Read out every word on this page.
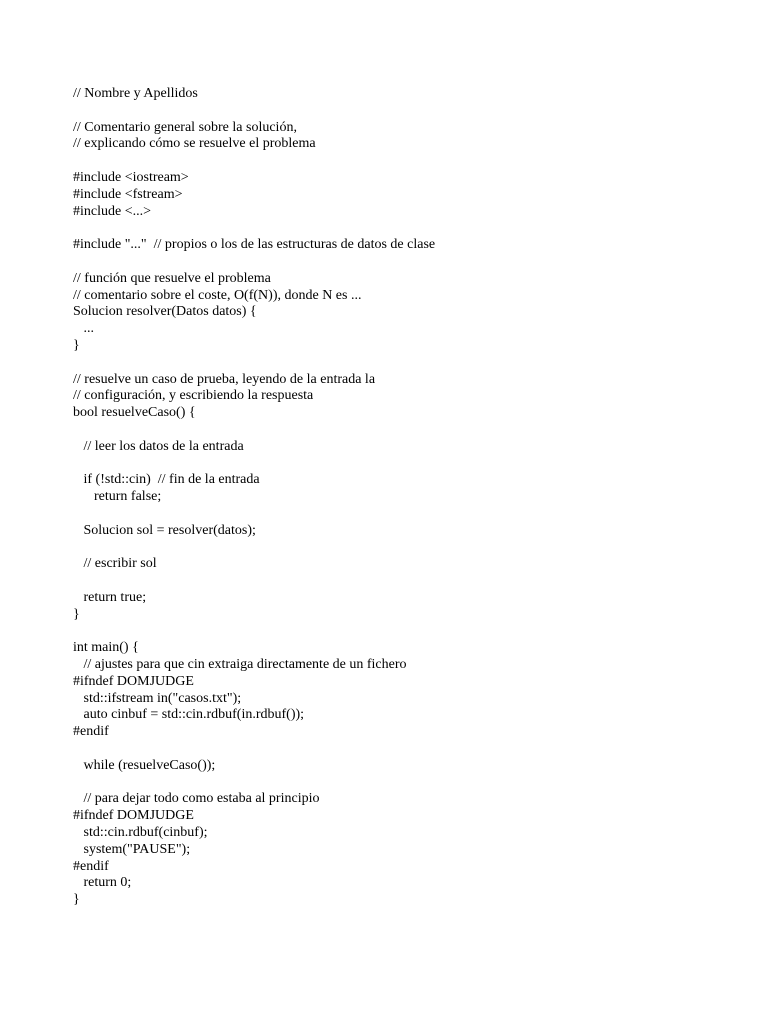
// Nombre y Apellidos
// Comentario general sobre la solución,
// explicando cómo se resuelve el problema
#include <iostream>
#include <fstream>
#include <...>
#include "..."  // propios o los de las estructuras de datos de clase
// función que resuelve el problema
// comentario sobre el coste, O(f(N)), donde N es ...
Solucion resolver(Datos datos) {
...
}
// resuelve un caso de prueba, leyendo de la entrada la
// configuración, y escribiendo la respuesta
bool resuelveCaso() {
// leer los datos de la entrada
if (!std::cin)  // fin de la entrada
return false;
Solucion sol = resolver(datos);
// escribir sol
return true;
}
int main() {
// ajustes para que cin extraiga directamente de un fichero
#ifndef DOMJUDGE
std::ifstream in("casos.txt");
auto cinbuf = std::cin.rdbuf(in.rdbuf());
#endif
while (resuelveCaso());
// para dejar todo como estaba al principio
#ifndef DOMJUDGE
std::cin.rdbuf(cinbuf);
system("PAUSE");
#endif
return 0;
}
